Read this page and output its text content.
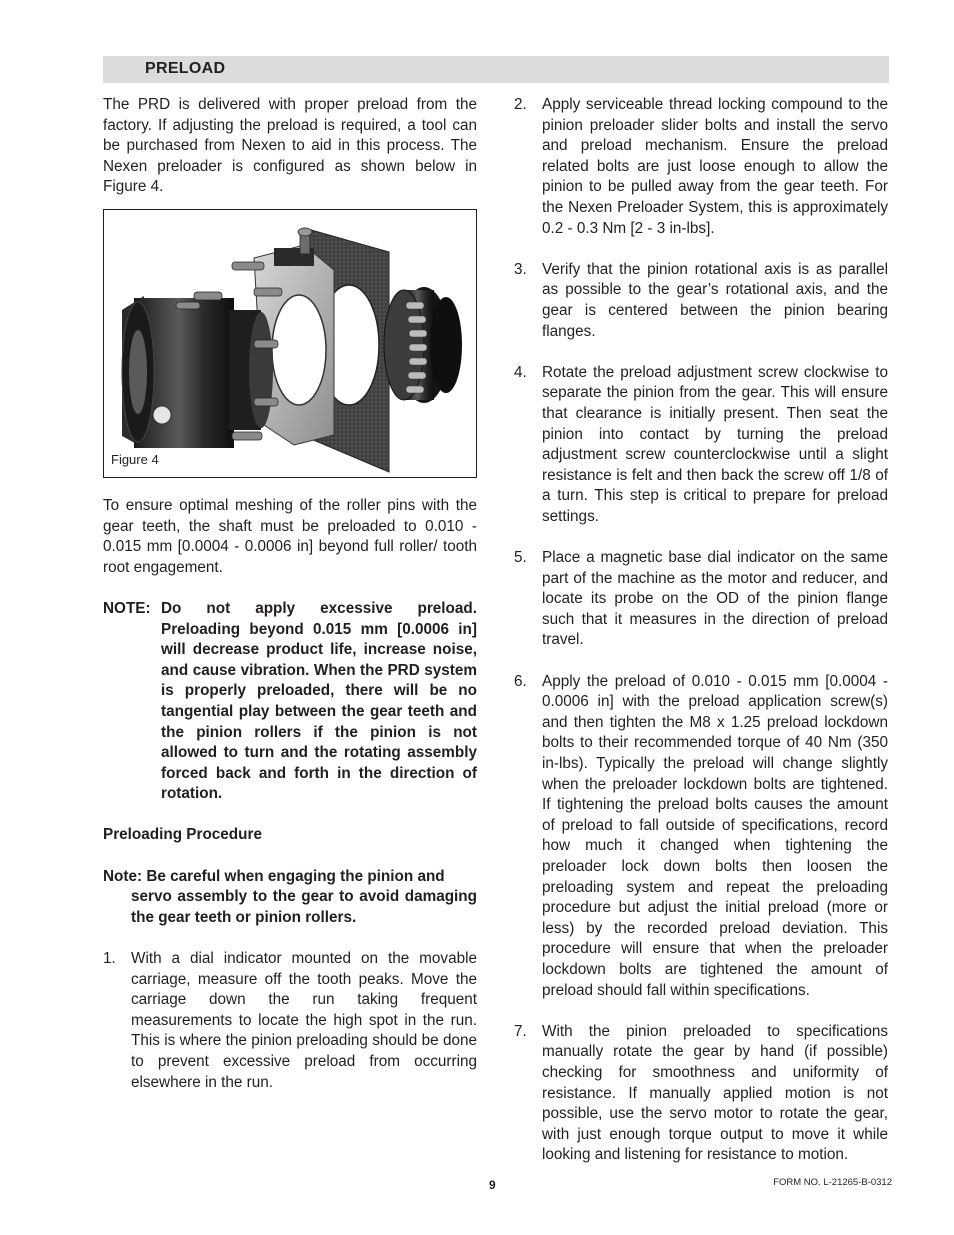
PRELOAD

The PRD is delivered with proper preload from the factory. If adjusting the preload is required, a tool can be purchased from Nexen to aid in this process. The Nexen preloader is configured as shown below in Figure 4.

Figure 4

To ensure optimal meshing of the roller pins with the gear teeth, the shaft must be preloaded to 0.010 - 0.015 mm [0.0004 - 0.0006 in] beyond full roller/ tooth root engagement.

NOTE: Do not apply excessive preload. Preloading beyond 0.015 mm [0.0006 in] will decrease product life, increase noise, and cause vibration. When the PRD system is properly preloaded, there will be no tangential play between the gear teeth and the pinion rollers if the pinion is not allowed to turn and the rotating assembly forced back and forth in the direction of rotation.

Preloading Procedure

Note: Be careful when engaging the pinion and
servo assembly to the gear to avoid damaging the gear teeth or pinion rollers.
1. With a dial indicator mounted on the movable carriage, measure off the tooth peaks. Move the carriage down the run taking frequent measurements to locate the high spot in the run. This is where the pinion preloading should be done to prevent excessive preload from occurring elsewhere in the run.
2. Apply serviceable thread locking compound to the pinion preloader slider bolts and install the servo and preload mechanism. Ensure the preload related bolts are just loose enough to allow the pinion to be pulled away from the gear teeth. For the Nexen Preloader System, this is approximately 0.2 - 0.3 Nm [2 - 3 in-lbs].
3. Verify that the pinion rotational axis is as parallel as possible to the gear’s rotational axis, and the gear is centered between the pinion bearing flanges.
4. Rotate the preload adjustment screw clockwise to separate the pinion from the gear. This will ensure that clearance is initially present. Then seat the pinion into contact by turning the preload adjustment screw counterclockwise until a slight resistance is felt and then back the screw off 1/8 of a turn. This step is critical to prepare for preload settings.
5. Place a magnetic base dial indicator on the same part of the machine as the motor and reducer, and locate its probe on the OD of the pinion flange such that it measures in the direction of preload travel.
6. Apply the preload of 0.010 - 0.015 mm [0.0004 - 0.0006 in] with the preload application screw(s) and then tighten the M8 x 1.25 preload lockdown bolts to their recommended torque of 40 Nm (350 in-lbs). Typically the preload will change slightly when the preloader lockdown bolts are tightened. If tightening the preload bolts causes the amount of preload to fall outside of specifications, record how much it changed when tightening the preloader lock down bolts then loosen the preloading system and repeat the preloading procedure but adjust the initial preload (more or less) by the recorded preload deviation. This procedure will ensure that when the preloader lockdown bolts are tightened the amount of preload should fall within specifications.
7. With the pinion preloaded to specifications manually rotate the gear by hand (if possible) checking for smoothness and uniformity of resistance. If manually applied motion is not possible, use the servo motor to rotate the gear, with just enough torque output to move it while looking and listening for resistance to motion.
9	FORM NO. L-21265-B-0312
